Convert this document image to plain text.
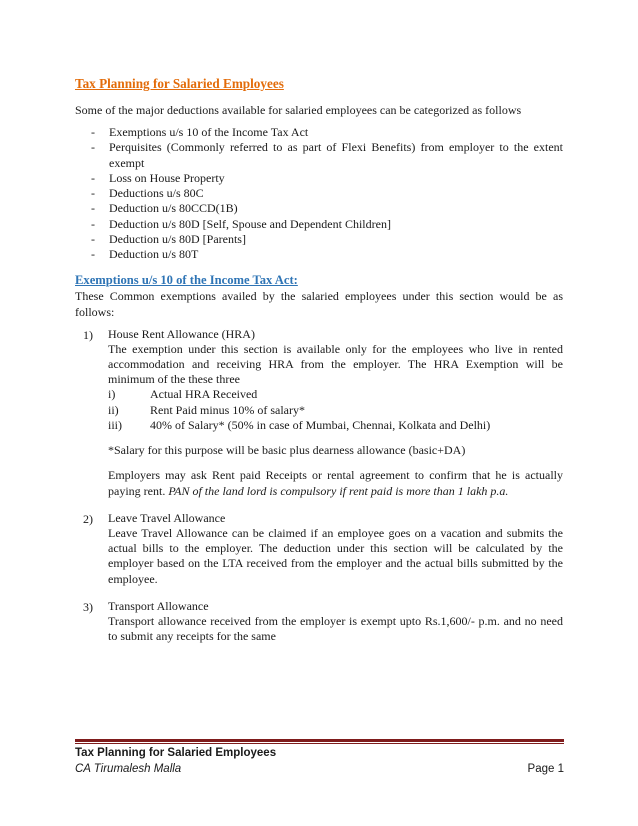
Tax Planning for Salaried Employees

Some of the major deductions available for salaried employees can be categorized as follows

- Exemptions u/s 10 of the Income Tax Act
- Perquisites (Commonly referred to as part of Flexi Benefits) from employer to the extent exempt
- Loss on House Property
- Deductions u/s 80C
- Deduction u/s 80CCD(1B)
- Deduction u/s 80D [Self, Spouse and Dependent Children]
- Deduction u/s 80D [Parents]
- Deduction u/s 80T
Exemptions u/s 10 of the Income Tax Act:

These Common exemptions availed by the salaried employees under this section would be as follows:

1) House Rent Allowance (HRA)

The exemption under this section is available only for the employees who live in rented accommodation and receiving HRA from the employer. The HRA Exemption will be minimum of the these three

i)	Actual HRA Received
ii)	Rent Paid minus 10% of salary*
iii) 40% of Salary* (50% in case of Mumbai, Chennai, Kolkata and Delhi)

*Salary for this purpose will be basic plus dearness allowance (basic+DA)

Employers may ask Rent paid Receipts or rental agreement to confirm that he is actually paying rent. PAN of the land lord is compulsory if rent paid is more than 1 lakh p.a.

2) Leave Travel Allowance

Leave Travel Allowance can be claimed if an employee goes on a vacation and submits the actual bills to the employer. The deduction under this section will be calculated by the employer based on the LTA received from the employer and the actual bills submitted by the employee.

3) Transport Allowance

Transport allowance received from the employer is exempt upto Rs.1,600/- p.m. and no need to submit any receipts for the same

Tax Planning for Salaried Employees
CA Tirumalesh Malla	Page 1
